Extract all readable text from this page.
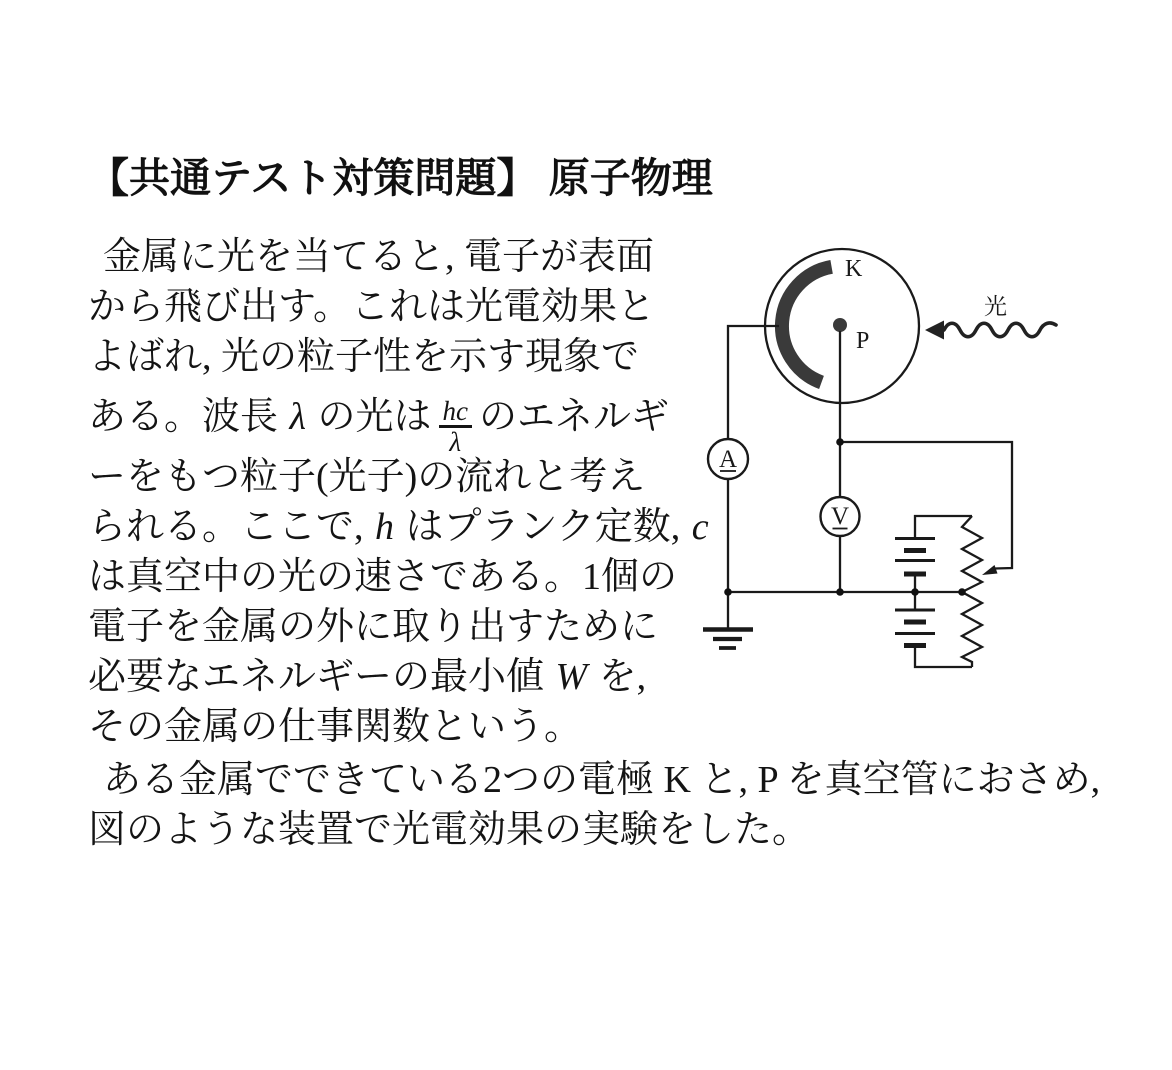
【共通テスト対策問題】 原子物理
金属に光を当てると, 電子が表面
から飛び出す。これは光電効果と
よばれ, 光の粒子性を示す現象で
ある。波長 λ の光は $\frac{hc}{\lambda}$ のエネルギ
ーをもつ粒子(光子)の流れと考え
られる。ここで, h はプランク定数, c
は真空中の光の速さである。1個の
電子を金属の外に取り出すために
必要なエネルギーの最小値 W を,
その金属の仕事関数という。
ある金属でできている2つの電極 K と, P を真空管におさめ,
図のような装置で光電効果の実験をした。
K
P
光
A
V
